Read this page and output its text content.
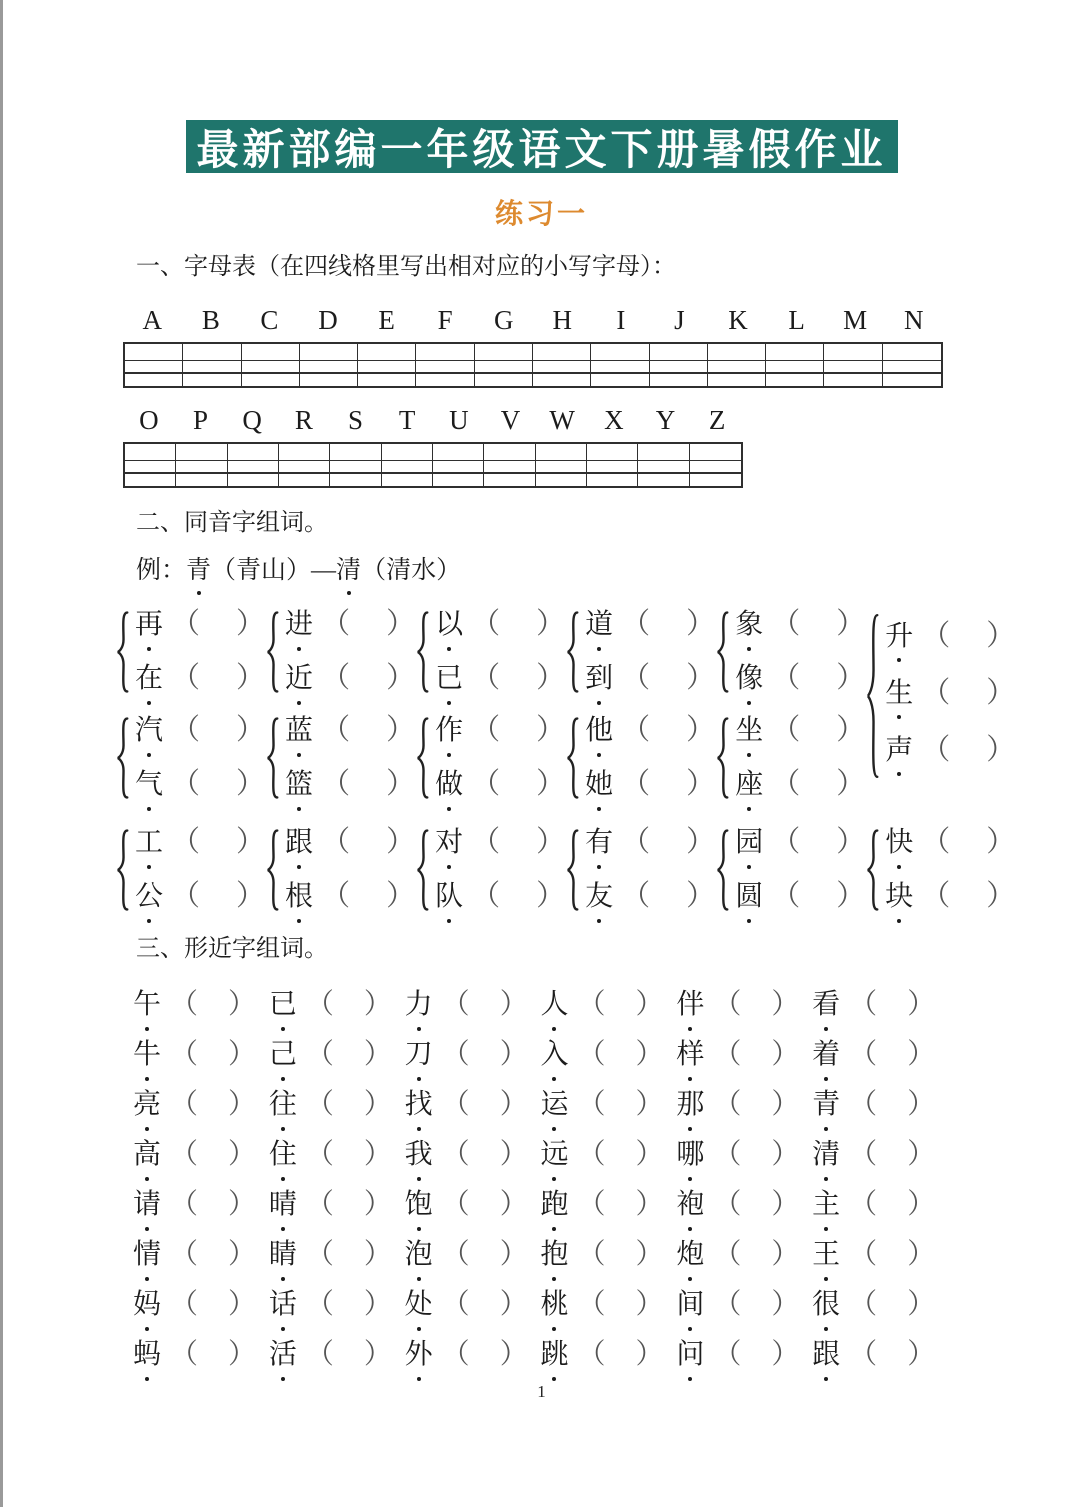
最新部编一年级语文下册暑假作业
练习一
一、字母表（在四线格里写出相对应的小写字母）：
A	B	C	D	E	F	G	H	I	J	K	L	M	N
O	P	Q	R	S	T	U	V	W	X	Y	Z
二、同音字组词。
例：青
（青山）—清
（清水）
再 （ ）
在 （ ）
进 （ ）
近 （ ）
以 （ ）
已 （ ）
道 （ ）
到 （ ）
象 （ ）
像 （ ）
升 （ ）
生 （ ）
声 （ ）
汽 （ ）
气 （ ）
蓝 （ ）
篮 （ ）
作 （ ）
做 （ ）
他 （ ）
她 （ ）
坐 （ ）
座 （ ）
工 （ ）
公 （ ）
跟 （ ）
根 （ ）
对 （ ）
队 （ ）
有 （ ）
友 （ ）
园 （ ）
圆 （ ）
快 （ ）
块 （ ）
三、形近字组词。
午 （ ） 已 （ ） 力 （ ） 人 （ ） 伴 （ ） 看 （ ）
牛 （ ） 己 （ ） 刀 （ ） 入 （ ） 样 （ ） 着 （ ）
亮 （ ） 往 （ ） 找 （ ） 运 （ ） 那 （ ） 青 （ ）
高 （ ） 住 （ ） 我 （ ） 远 （ ） 哪 （ ） 清 （ ）
请 （ ） 晴 （ ） 饱 （ ） 跑 （ ） 袍 （ ） 主 （ ）
情 （ ） 睛 （ ） 泡 （ ） 抱 （ ） 炮 （ ） 王 （ ）
妈 （ ） 话 （ ） 处 （ ） 桃 （ ） 间 （ ） 很 （ ）
蚂 （ ） 活 （ ） 外 （ ） 跳 （ ） 问 （ ） 跟 （ ）
1
